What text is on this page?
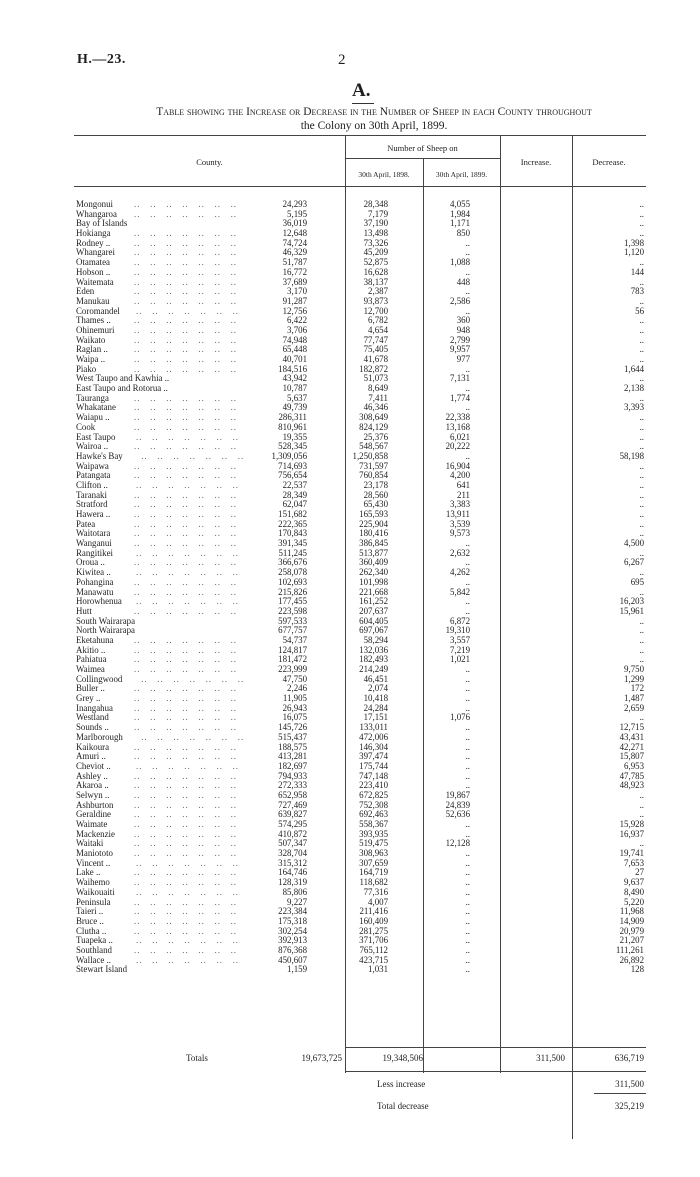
H.—23.	2
A.
Table showing the Increase or Decrease in the Number of Sheep in each County throughout
the Colony on 30th April, 1899.
County.
Number of Sheep on
30th April, 1898.	30th April, 1899.
Increase.	Decrease.
..   ..   ..   ..   ..   ..   ..
Mongonui	24,293	28,348	4,055	..
..   ..   ..   ..   ..   ..   ..
Whangaroa	5,195	7,179	1,984	..
Bay of Islands	36,019	37,190	1,171	..
..   ..   ..   ..   ..   ..   ..
Hokianga	12,648	13,498	850	..
..   ..   ..   ..   ..   ..   ..
Rodney ..	74,724	73,326	..	1,398
..   ..   ..   ..   ..   ..   ..
Whangarei	46,329	45,209	..	1,120
..   ..   ..   ..   ..   ..   ..
Otamatea	51,787	52,875	1,088	..
..   ..   ..   ..   ..   ..   ..
Hobson ..	16,772	16,628	..	144
..   ..   ..   ..   ..   ..   ..
Waitemata	37,689	38,137	448	..
..   ..   ..   ..   ..   ..   ..
Eden	3,170	2,387	..	783
..   ..   ..   ..   ..   ..   ..
Manukau	91,287	93,873	2,586	..
..   ..   ..   ..   ..   ..   ..
Coromandel	12,756	12,700	..	56
..   ..   ..   ..   ..   ..   ..
Thames ..	6,422	6,782	360	..
..   ..   ..   ..   ..   ..   ..
Ohinemuri	3,706	4,654	948	..
..   ..   ..   ..   ..   ..   ..
Waikato	74,948	77,747	2,799	..
..   ..   ..   ..   ..   ..   ..
Raglan ..	65,448	75,405	9,957	..
..   ..   ..   ..   ..   ..   ..
Waipa ..	40,701	41,678	977	..
..   ..   ..   ..   ..   ..   ..
Piako	184,516	182,872	..	1,644
West Taupo and Kawhia ..	43,942	51,073	7,131	..
East Taupo and Rotorua ..	10,787	8,649	..	2,138
..   ..   ..   ..   ..   ..   ..
Tauranga	5,637	7,411	1,774	..
..   ..   ..   ..   ..   ..   ..
Whakatane	49,739	46,346	..	3,393
..   ..   ..   ..   ..   ..   ..
Waiapu ..	286,311	308,649	22,338	..
..   ..   ..   ..   ..   ..   ..
Cook	810,961	824,129	13,168	..
..   ..   ..   ..   ..   ..   ..
East Taupo	19,355	25,376	6,021	..
..   ..   ..   ..   ..   ..   ..
Wairoa ..	528,345	548,567	20,222	..
..   ..   ..   ..   ..   ..   ..
Hawke's Bay	1,309,056	1,250,858	..	58,198
..   ..   ..   ..   ..   ..   ..
Waipawa	714,693	731,597	16,904	..
..   ..   ..   ..   ..   ..   ..
Patangata	756,654	760,854	4,200	..
..   ..   ..   ..   ..   ..   ..
Clifton ..	22,537	23,178	641	..
..   ..   ..   ..   ..   ..   ..
Taranaki	28,349	28,560	211	..
..   ..   ..   ..   ..   ..   ..
Stratford	62,047	65,430	3,383	..
..   ..   ..   ..   ..   ..   ..
Hawera ..	151,682	165,593	13,911	..
..   ..   ..   ..   ..   ..   ..
Patea	222,365	225,904	3,539	..
..   ..   ..   ..   ..   ..   ..
Waitotara	170,843	180,416	9,573	..
..   ..   ..   ..   ..   ..   ..
Wanganui	391,345	386,845	..	4,500
..   ..   ..   ..   ..   ..   ..
Rangitikei	511,245	513,877	2,632	..
..   ..   ..   ..   ..   ..   ..
Oroua ..	366,676	360,409	..	6,267
..   ..   ..   ..   ..   ..   ..
Kiwitea ..	258,078	262,340	4,262	..
..   ..   ..   ..   ..   ..   ..
Pohangina	102,693	101,998	..	695
..   ..   ..   ..   ..   ..   ..
Manawatu	215,826	221,668	5,842	..
..   ..   ..   ..   ..   ..   ..
Horowhenua	177,455	161,252	..	16,203
..   ..   ..   ..   ..   ..   ..
Hutt	223,598	207,637	..	15,961
South Wairarapa	597,533	604,405	6,872	..
North Wairarapa	677,757	697,067	19,310	..
..   ..   ..   ..   ..   ..   ..
Eketahuna	54,737	58,294	3,557	..
..   ..   ..   ..   ..   ..   ..
Akitio ..	124,817	132,036	7,219	..
..   ..   ..   ..   ..   ..   ..
Pahiatua	181,472	182,493	1,021	..
..   ..   ..   ..   ..   ..   ..
Waimea	223,999	214,249	..	9,750
..   ..   ..   ..   ..   ..   ..
Collingwood	47,750	46,451	..	1,299
..   ..   ..   ..   ..   ..   ..
Buller ..	2,246	2,074	..	172
..   ..   ..   ..   ..   ..   ..
Grey ..	11,905	10,418	..	1,487
..   ..   ..   ..   ..   ..   ..
Inangahua	26,943	24,284	..	2,659
..   ..   ..   ..   ..   ..   ..
Westland	16,075	17,151	1,076	..
..   ..   ..   ..   ..   ..   ..
Sounds ..	145,726	133,011	..	12,715
..   ..   ..   ..   ..   ..   ..
Marlborough	515,437	472,006	..	43,431
..   ..   ..   ..   ..   ..   ..
Kaikoura	188,575	146,304	..	42,271
..   ..   ..   ..   ..   ..   ..
Amuri ..	413,281	397,474	..	15,807
..   ..   ..   ..   ..   ..   ..
Cheviot ..	182,697	175,744	..	6,953
..   ..   ..   ..   ..   ..   ..
Ashley ..	794,933	747,148	..	47,785
..   ..   ..   ..   ..   ..   ..
Akaroa ..	272,333	223,410	..	48,923
..   ..   ..   ..   ..   ..   ..
Selwyn ..	652,958	672,825	19,867	..
..   ..   ..   ..   ..   ..   ..
Ashburton	727,469	752,308	24,839	..
..   ..   ..   ..   ..   ..   ..
Geraldine	639,827	692,463	52,636	..
..   ..   ..   ..   ..   ..   ..
Waimate	574,295	558,367	..	15,928
..   ..   ..   ..   ..   ..   ..
Mackenzie	410,872	393,935	..	16,937
..   ..   ..   ..   ..   ..   ..
Waitaki	507,347	519,475	12,128	..
..   ..   ..   ..   ..   ..   ..
Maniototo	328,704	308,963	..	19,741
..   ..   ..   ..   ..   ..   ..
Vincent ..	315,312	307,659	..	7,653
..   ..   ..   ..   ..   ..   ..
Lake ..	164,746	164,719	..	27
..   ..   ..   ..   ..   ..   ..
Waihemo	128,319	118,682	..	9,637
..   ..   ..   ..   ..   ..   ..
Waikouaiti	85,806	77,316	..	8,490
..   ..   ..   ..   ..   ..   ..
Peninsula	9,227	4,007	..	5,220
..   ..   ..   ..   ..   ..   ..
Taieri ..	223,384	211,416	..	11,968
..   ..   ..   ..   ..   ..   ..
Bruce ..	175,318	160,409	..	14,909
..   ..   ..   ..   ..   ..   ..
Clutha ..	302,254	281,275	..	20,979
..   ..   ..   ..   ..   ..   ..
Tuapeka ..	392,913	371,706	..	21,207
..   ..   ..   ..   ..   ..   ..
Southland	876,368	765,112	..	111,261
..   ..   ..   ..   ..   ..   ..
Wallace ..	450,607	423,715	..	26,892
Stewart Island	1,159	1,031	..	128
Totals	19,673,725	19,348,506	311,500	636,719
Less increase	311,500
Total decrease	325,219
